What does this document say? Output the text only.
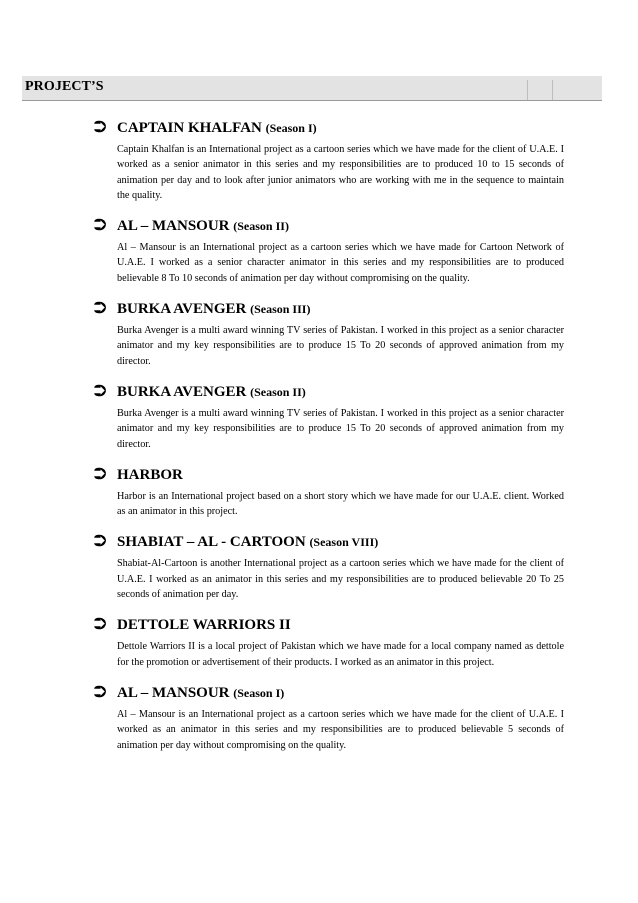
PROJECT’S
⮊ CAPTAIN KHALFAN (Season I)
Captain Khalfan is an International project as a cartoon series which we have made for the client of U.A.E. I worked as a senior animator in this series and my responsibilities are to produced 10 to 15 seconds of animation per day and to look after junior animators who are working with me in the sequence to maintain the quality.
⮊ AL – MANSOUR (Season II)
Al – Mansour is an International project as a cartoon series which we have made for Cartoon Network of U.A.E. I worked as a senior character animator in this series and my responsibilities are to produced believable 8 To 10 seconds of animation per day without compromising on the quality.
⮊ BURKA AVENGER (Season III)
Burka Avenger is a multi award winning TV series of Pakistan. I worked in this project as a senior character animator and my key responsibilities are to produce 15 To 20 seconds of approved animation from my director.
⮊ BURKA AVENGER (Season II)
Burka Avenger is a multi award winning TV series of Pakistan. I worked in this project as a senior character animator and my key responsibilities are to produce 15 To 20 seconds of approved animation from my director.
⮊ HARBOR
Harbor is an International project based on a short story which we have made for our U.A.E. client. Worked as an animator in this project.
⮊ SHABIAT – AL - CARTOON (Season VIII)
Shabiat-Al-Cartoon is another International project as a cartoon series which we have made for the client of U.A.E. I worked as an animator in this series and my responsibilities are to produced believable 20 To 25 seconds of animation per day.
⮊ DETTOLE WARRIORS II
Dettole Warriors II is a local project of Pakistan which we have made for a local company named as dettole for the promotion or advertisement of their products. I worked as an animator in this project.
⮊ AL – MANSOUR (Season I)
Al – Mansour is an International project as a cartoon series which we have made for the client of U.A.E. I worked as an animator in this series and my responsibilities are to produced believable 5 seconds of animation per day without compromising on the quality.
